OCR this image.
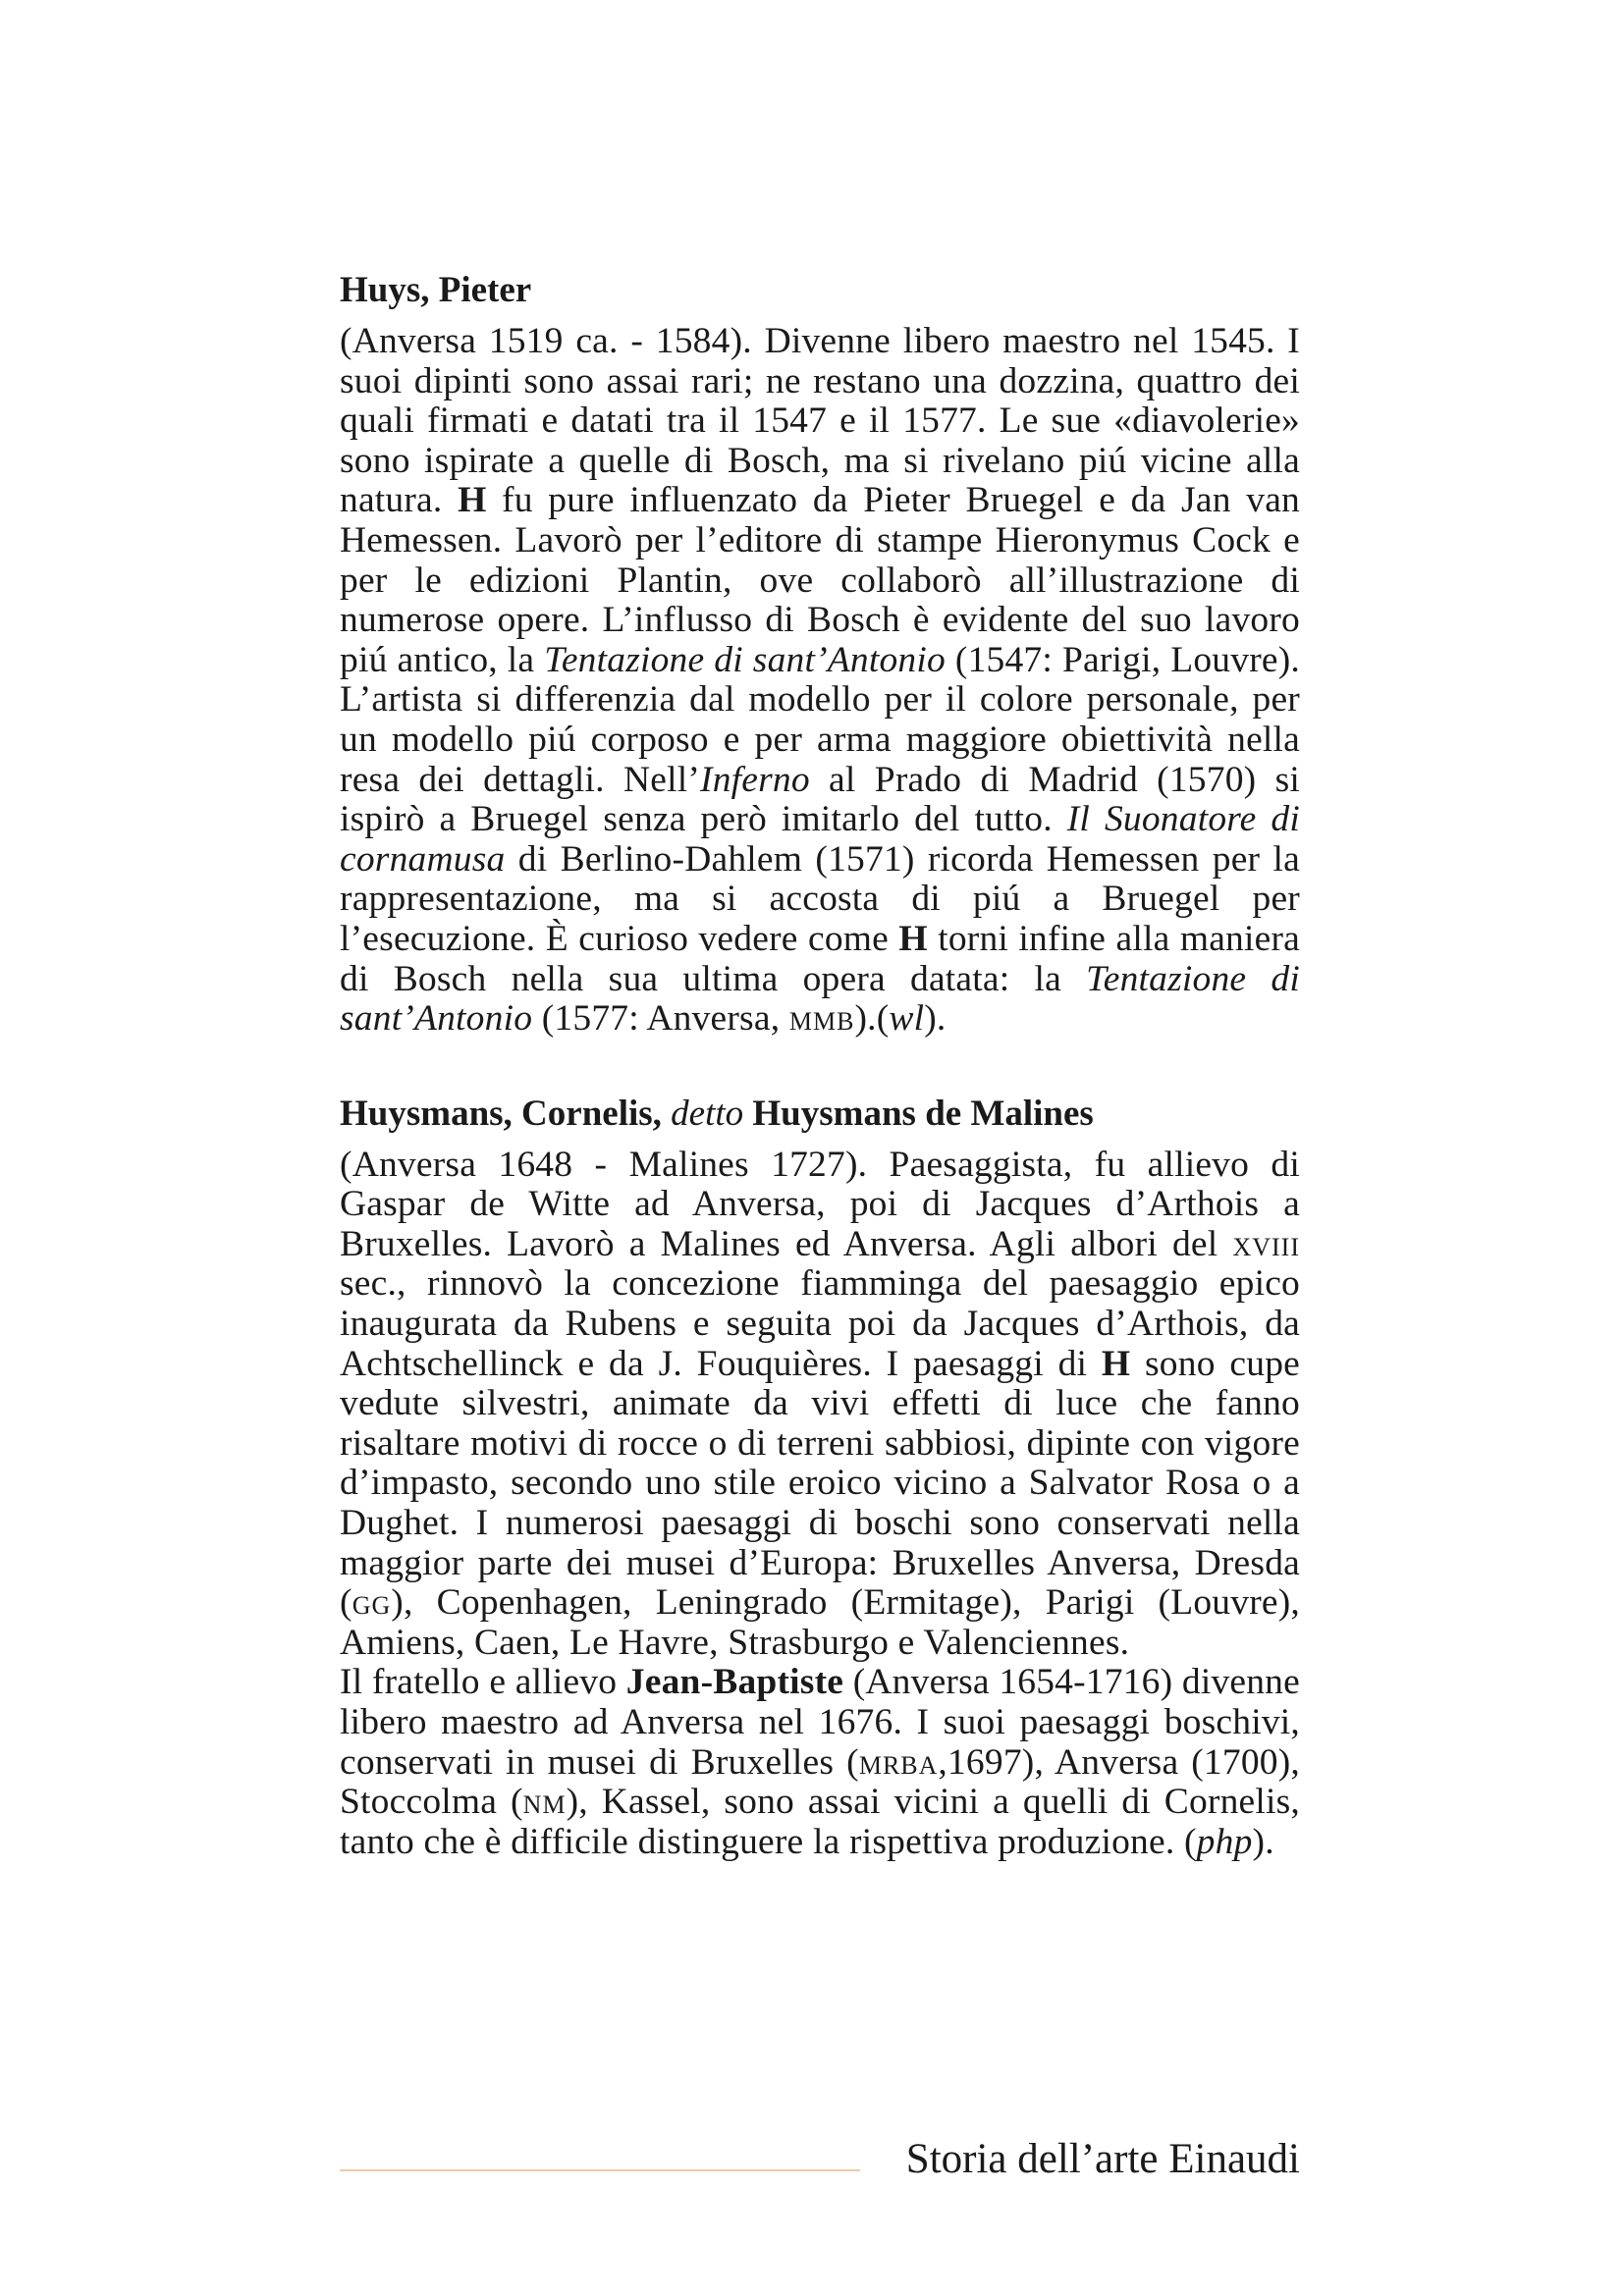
Huys, Pieter

(Anversa 1519 ca. - 1584). Divenne libero maestro nel 1545. I suoi dipinti sono assai rari; ne restano una dozzina, quattro dei quali firmati e datati tra il 1547 e il 1577. Le sue «diavolerie» sono ispirate a quelle di Bosch, ma si rivelano piú vicine alla natura. H fu pure influenzato da Pieter Bruegel e da Jan van Hemessen. Lavorò per l’editore di stampe Hieronymus Cock e per le edizioni Plantin, ove collaborò all’illustrazione di numerose opere. L’influsso di Bosch è evidente del suo lavoro piú antico, la Tentazione di sant’Antonio (1547: Parigi, Louvre). L’artista si differenzia dal modello per il colore personale, per un modello piú corposo e per arma maggiore obiettività nella resa dei dettagli. Nell’Inferno al Prado di Madrid (1570) si ispirò a Bruegel senza però imitarlo del tutto. Il Suonatore di cornamusa di Berlino-Dahlem (1571) ricorda Hemessen per la rappresentazione, ma si accosta di piú a Bruegel per l’esecuzione. È curioso vedere come H torni infine alla maniera di Bosch nella sua ultima opera datata: la Tentazione di sant’Antonio (1577: Anversa, mmb).(wl).

Huysmans, Cornelis, detto Huysmans de Malines

(Anversa 1648 - Malines 1727). Paesaggista, fu allievo di Gaspar de Witte ad Anversa, poi di Jacques d’Arthois a Bruxelles. Lavorò a Malines ed Anversa. Agli albori del xviii sec., rinnovò la concezione fiamminga del paesaggio epico inaugurata da Rubens e seguita poi da Jacques d’Arthois, da Achtschellinck e da J. Fouquières. I paesaggi di H sono cupe vedute silvestri, animate da vivi effetti di luce che fanno risaltare motivi di rocce o di terreni sabbiosi, dipinte con vigore d’impasto, secondo uno stile eroico vicino a Salvator Rosa o a Dughet. I numerosi paesaggi di boschi sono conservati nella maggior parte dei musei d’Europa: Bruxelles Anversa, Dresda (gg), Copenhagen, Leningrado (Ermitage), Parigi (Louvre), Amiens, Caen, Le Havre, Strasburgo e Valenciennes.

Il fratello e allievo Jean-Baptiste (Anversa 1654-1716) divenne libero maestro ad Anversa nel 1676. I suoi paesaggi boschivi, conservati in musei di Bruxelles (mrba,1697), Anversa (1700), Stoccolma (nm), Kassel, sono assai vicini a quelli di Cornelis, tanto che è difficile distinguere la rispettiva produzione. (php).

Storia dell’arte Einaudi
